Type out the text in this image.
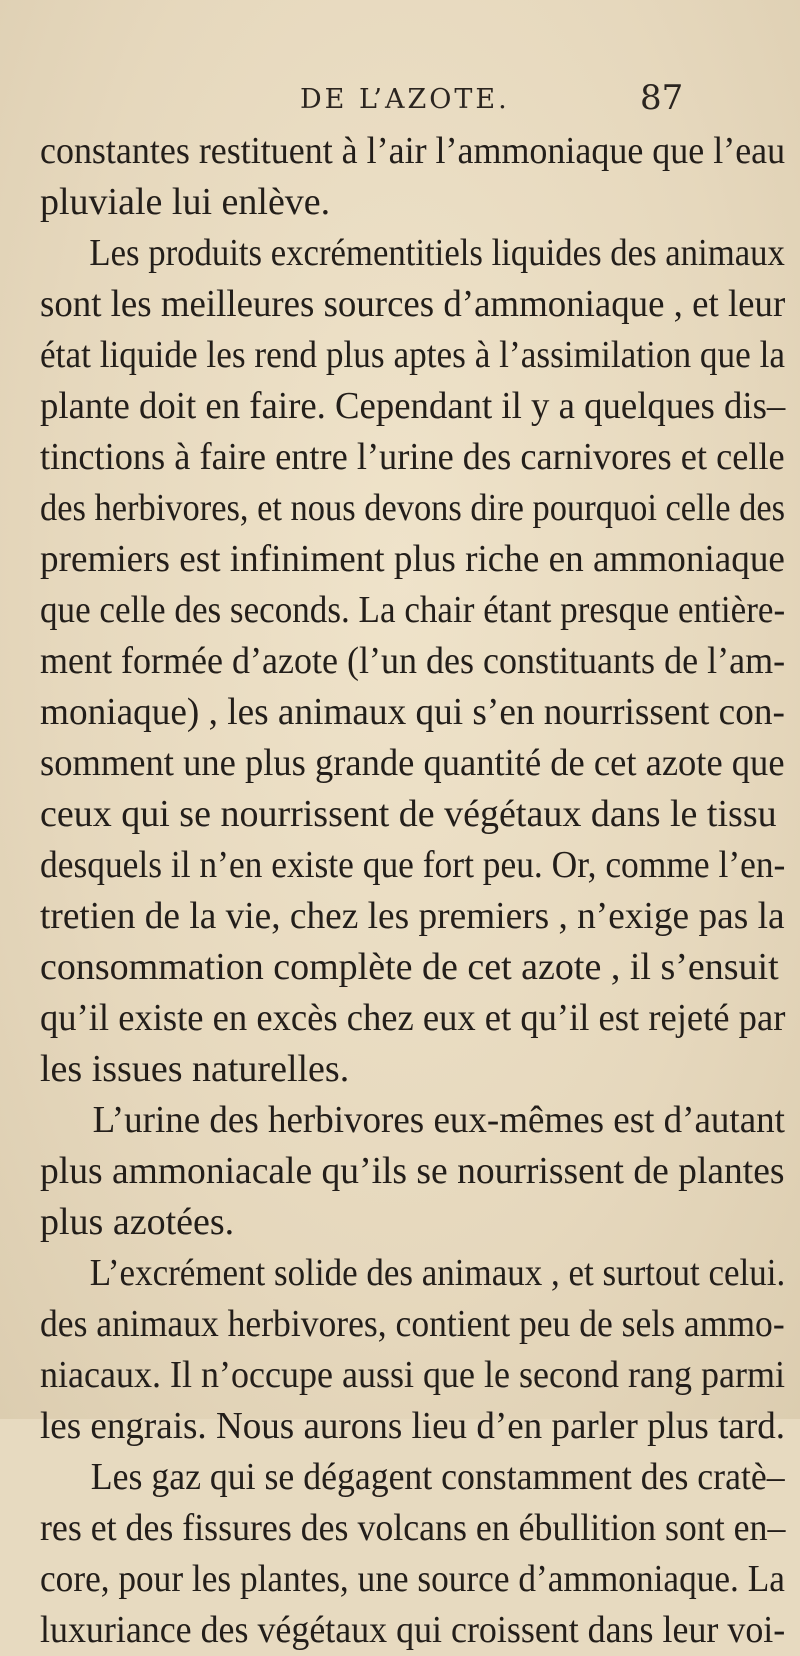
DE L’AZOTE.	87
constantes restituent à l’air l’ammoniaque que l’eau
pluviale lui enlève.
Les produits excrémentitiels liquides des animaux
sont les meilleures sources d’ammoniaque , et leur
état liquide les rend plus aptes à l’assimilation que la
plante doit en faire. Cependant il y a quelques dis–
tinctions à faire entre l’urine des carnivores et celle
des herbivores, et nous devons dire pourquoi celle des
premiers est infiniment plus riche en ammoniaque
que celle des seconds. La chair étant presque entière-
ment formée d’azote (l’un des constituants de l’am-
moniaque) , les animaux qui s’en nourrissent con-
somment une plus grande quantité de cet azote que
ceux qui se nourrissent de végétaux dans le tissu
desquels il n’en existe que fort peu. Or, comme l’en-
tretien de la vie, chez les premiers , n’exige pas la
consommation complète de cet azote , il s’ensuit
qu’il existe en excès chez eux et qu’il est rejeté par
les issues naturelles.
L’urine des herbivores eux-mêmes est d’autant
plus ammoniacale qu’ils se nourrissent de plantes
plus azotées.
L’excrément solide des animaux , et surtout celui.
des animaux herbivores, contient peu de sels ammo-
niacaux. Il n’occupe aussi que le second rang parmi
les engrais. Nous aurons lieu d’en parler plus tard.
Les gaz qui se dégagent constamment des cratè–
res et des fissures des volcans en ébullition sont en–
core, pour les plantes, une source d’ammoniaque. La
luxuriance des végétaux qui croissent dans leur voi-
